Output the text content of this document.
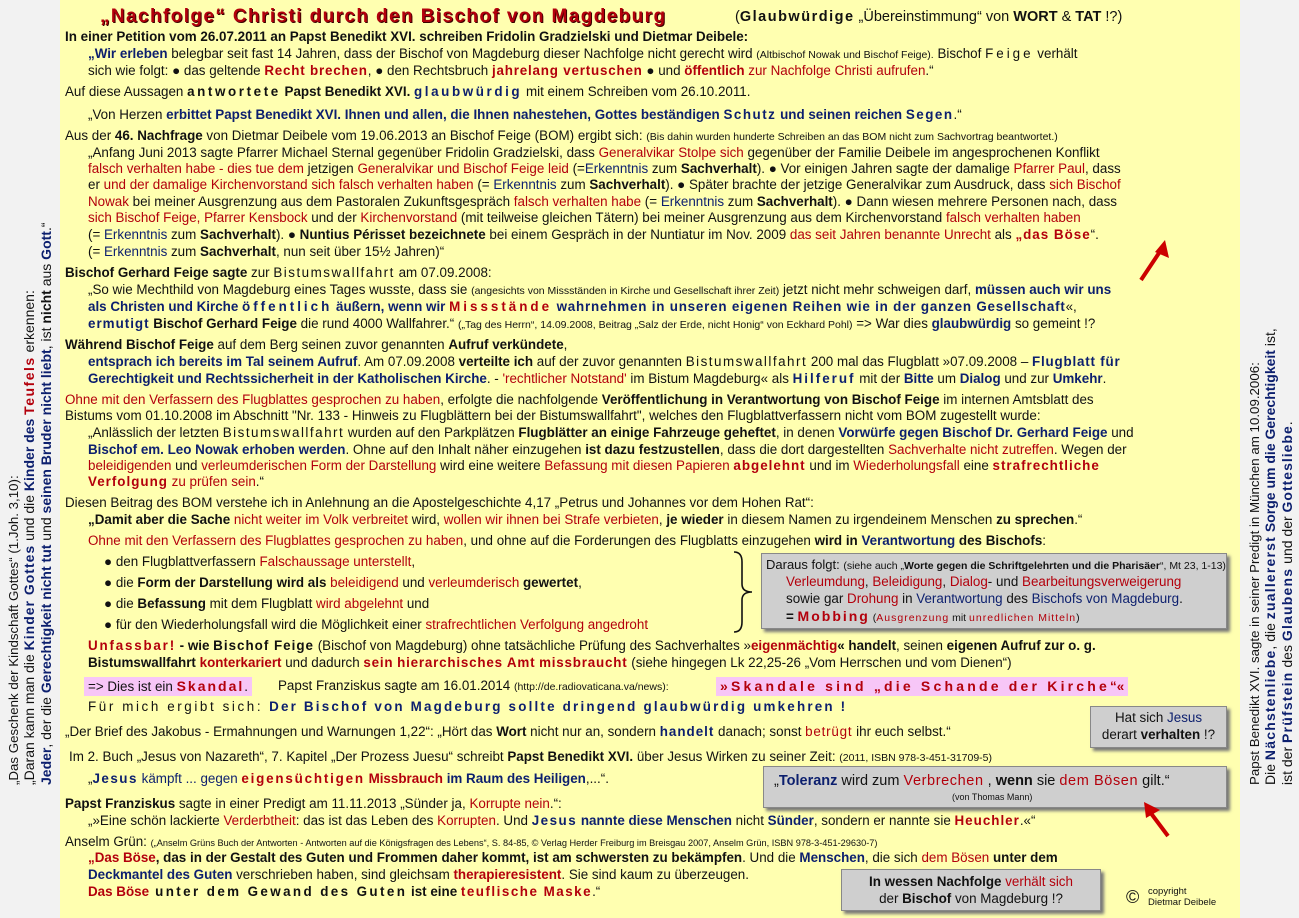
„Das Geschenk der Kindschaft Gottes“ (1.Joh. 3,10): „Daran kann man die Kinder Gottes und die Kinder des Teufels erkennen:
Jeder, der die Gerechtigkeit nicht tut und seinen Bruder nicht liebt, ist nicht aus Gott.“
Papst Benedikt XVI. sagte in seiner Predigt in München am 10.09.2006: Die Nächstenliebe, die zuallererst Sorge um die Gerechtigkeit ist,
ist der Prüfstein des Glaubens und der Gottesliebe.
„Nachfolge“ Christi durch den Bischof von Magdeburg	(Glaubwürdige „Übereinstimmung“ von WORT & TAT !?)
In einer Petition vom 26.07.2011 an Papst Benedikt XVI. schreiben Fridolin Gradzielski und Dietmar Deibele:
„Wir erleben belegbar seit fast 14 Jahren, dass der Bischof von Magdeburg dieser Nachfolge nicht gerecht wird (Altbischof Nowak und Bischof Feige). Bischof Feige verhält
sich wie folgt: ● das geltende Recht brechen, ● den Rechtsbruch jahrelang vertuschen ● und öffentlich zur Nachfolge Christi aufrufen.“
Auf diese Aussagen antwortete Papst Benedikt XVI. glaubwürdig mit einem Schreiben vom 26.10.2011.
„Von Herzen erbittet Papst Benedikt XVI. Ihnen und allen, die Ihnen nahestehen, Gottes beständigen Schutz und seinen reichen Segen.“
Aus der 46. Nachfrage von Dietmar Deibele vom 19.06.2013 an Bischof Feige (BOM) ergibt sich: (Bis dahin wurden hunderte Schreiben an das BOM nicht zum Sachvortrag beantwortet.)
„Anfang Juni 2013 sagte Pfarrer Michael Sternal gegenüber Fridolin Gradzielski, dass Generalvikar Stolpe sich gegenüber der Familie Deibele im angesprochenen Konflikt
falsch verhalten habe - dies tue dem jetzigen Generalvikar und Bischof Feige leid (=Erkenntnis zum Sachverhalt). ● Vor einigen Jahren sagte der damalige Pfarrer Paul, dass
er und der damalige Kirchenvorstand sich falsch verhalten haben (= Erkenntnis zum Sachverhalt). ● Später brachte der jetzige Generalvikar zum Ausdruck, dass sich Bischof
Nowak bei meiner Ausgrenzung aus dem Pastoralen Zukunftsgespräch falsch verhalten habe (= Erkenntnis zum Sachverhalt). ● Dann wiesen mehrere Personen nach, dass
sich Bischof Feige, Pfarrer Kensbock und der Kirchenvorstand (mit teilweise gleichen Tätern) bei meiner Ausgrenzung aus dem Kirchenvorstand falsch verhalten haben
(= Erkenntnis zum Sachverhalt). ● Nuntius Périsset bezeichnete bei einem Gespräch in der Nuntiatur im Nov. 2009 das seit Jahren benannte Unrecht als „das Böse“.
(= Erkenntnis zum Sachverhalt, nun seit über 15½ Jahren)“
Bischof Gerhard Feige sagte zur Bistumswallfahrt am 07.09.2008:
„So wie Mechthild von Magdeburg eines Tages wusste, dass sie (angesichts von Missständen in Kirche und Gesellschaft ihrer Zeit) jetzt nicht mehr schweigen darf, müssen auch wir uns
als Christen und Kirche öffentlich äußern, wenn wir Missstände wahrnehmen in unseren eigenen Reihen wie in der ganzen Gesellschaft«,
ermutigt Bischof Gerhard Feige die rund 4000 Wallfahrer.“ („Tag des Herrn“, 14.09.2008, Beitrag „Salz der Erde, nicht Honig“ von Eckhard Pohl) => War dies glaubwürdig so gemeint !?
Während Bischof Feige auf dem Berg seinen zuvor genannten Aufruf verkündete,
entsprach ich bereits im Tal seinem Aufruf. Am 07.09.2008 verteilte ich auf der zuvor genannten Bistumswallfahrt 200 mal das Flugblatt »07.09.2008 – Flugblatt für
Gerechtigkeit und Rechtssicherheit in der Katholischen Kirche. - 'rechtlicher Notstand' im Bistum Magdeburg« als Hilferuf mit der Bitte um Dialog und zur Umkehr.
Ohne mit den Verfassern des Flugblattes gesprochen zu haben, erfolgte die nachfolgende Veröffentlichung in Verantwortung von Bischof Feige im internen Amtsblatt des
Bistums vom 01.10.2008 im Abschnitt "Nr. 133 - Hinweis zu Flugblättern bei der Bistumswallfahrt", welches den Flugblattverfassern nicht vom BOM zugestellt wurde:
„Anlässlich der letzten Bistumswallfahrt wurden auf den Parkplätzen Flugblätter an einige Fahrzeuge geheftet, in denen Vorwürfe gegen Bischof Dr. Gerhard Feige und
Bischof em. Leo Nowak erhoben werden. Ohne auf den Inhalt näher einzugehen ist dazu festzustellen, dass die dort dargestellten Sachverhalte nicht zutreffen. Wegen der
beleidigenden und verleumderischen Form der Darstellung wird eine weitere Befassung mit diesen Papieren abgelehnt und im Wiederholungsfall eine strafrechtliche
Verfolgung zu prüfen sein.“
Diesen Beitrag des BOM verstehe ich in Anlehnung an die Apostelgeschichte 4,17 „Petrus und Johannes vor dem Hohen Rat“:
„Damit aber die Sache nicht weiter im Volk verbreitet wird, wollen wir ihnen bei Strafe verbieten, je wieder in diesem Namen zu irgendeinem Menschen zu sprechen.“
Ohne mit den Verfassern des Flugblattes gesprochen zu haben, und ohne auf die Forderungen des Flugblatts einzugehen wird in Verantwortung des Bischofs:
● den Flugblattverfassern Falschaussage unterstellt,
● die Form der Darstellung wird als beleidigend und verleumderisch gewertet,
● die Befassung mit dem Flugblatt wird abgelehnt und
● für den Wiederholungsfall wird die Möglichkeit einer strafrechtlichen Verfolgung angedroht
Daraus folgt: (siehe auch „Worte gegen die Schriftgelehrten und die Pharisäer“, Mt 23, 1-13)
Verleumdung, Beleidigung, Dialog- und Bearbeitungsverweigerung
sowie gar Drohung in Verantwortung des Bischofs von Magdeburg.
= Mobbing (Ausgrenzung mit unredlichen Mitteln)
Unfassbar! - wie Bischof Feige (Bischof von Magdeburg) ohne tatsächliche Prüfung des Sachverhaltes »eigenmächtig« handelt, seinen eigenen Aufruf zur o. g.
Bistumswallfahrt konterkariert und dadurch sein hierarchisches Amt missbraucht (siehe hingegen Lk 22,25-26 „Vom Herrschen und vom Dienen“)
=> Dies ist ein Skandal. Papst Franziskus sagte am 16.01.2014 (http://de.radiovaticana.va/news):	»Skandale sind „die Schande der Kirche“«
Für mich ergibt sich: Der Bischof von Magdeburg sollte dringend glaubwürdig umkehren !
„Der Brief des Jakobus - Ermahnungen und Warnungen 1,22“: „Hört das Wort nicht nur an, sondern handelt danach; sonst betrügt ihr euch selbst.“
Hat sich Jesus
derart verhalten !?
Im 2. Buch „Jesus von Nazareth“, 7. Kapitel „Der Prozess Juesu“ schreibt Papst Benedikt XVI. über Jesus Wirken zu seiner Zeit: (2011, ISBN 978-3-451-31709-5)
„Jesus kämpft ... gegen eigensüchtigen Missbrauch im Raum des Heiligen,...“.	„Toleranz wird zum Verbrechen , wenn sie dem Bösen gilt.“
(von Thomas Mann)
Papst Franziskus sagte in einer Predigt am 11.11.2013 „Sünder ja, Korrupte nein.“:
„»Eine schön lackierte Verderbtheit: das ist das Leben des Korrupten. Und Jesus nannte diese Menschen nicht Sünder, sondern er nannte sie Heuchler.«“
Anselm Grün: („Anselm Grüns Buch der Antworten - Antworten auf die Königsfragen des Lebens“, S. 84-85, © Verlag Herder Freiburg im Breisgau 2007, Anselm Grün, ISBN 978-3-451-29630-7)
„Das Böse, das in der Gestalt des Guten und Frommen daher kommt, ist am schwersten zu bekämpfen. Und die Menschen, die sich dem Bösen unter dem
Deckmantel des Guten verschrieben haben, sind gleichsam therapieresistent. Sie sind kaum zu überzeugen.
Das Böse unter dem Gewand des Guten ist eine teuflische Maske.“
In wessen Nachfolge verhält sich
der Bischof von Magdeburg !?	© copyright
Dietmar Deibele
